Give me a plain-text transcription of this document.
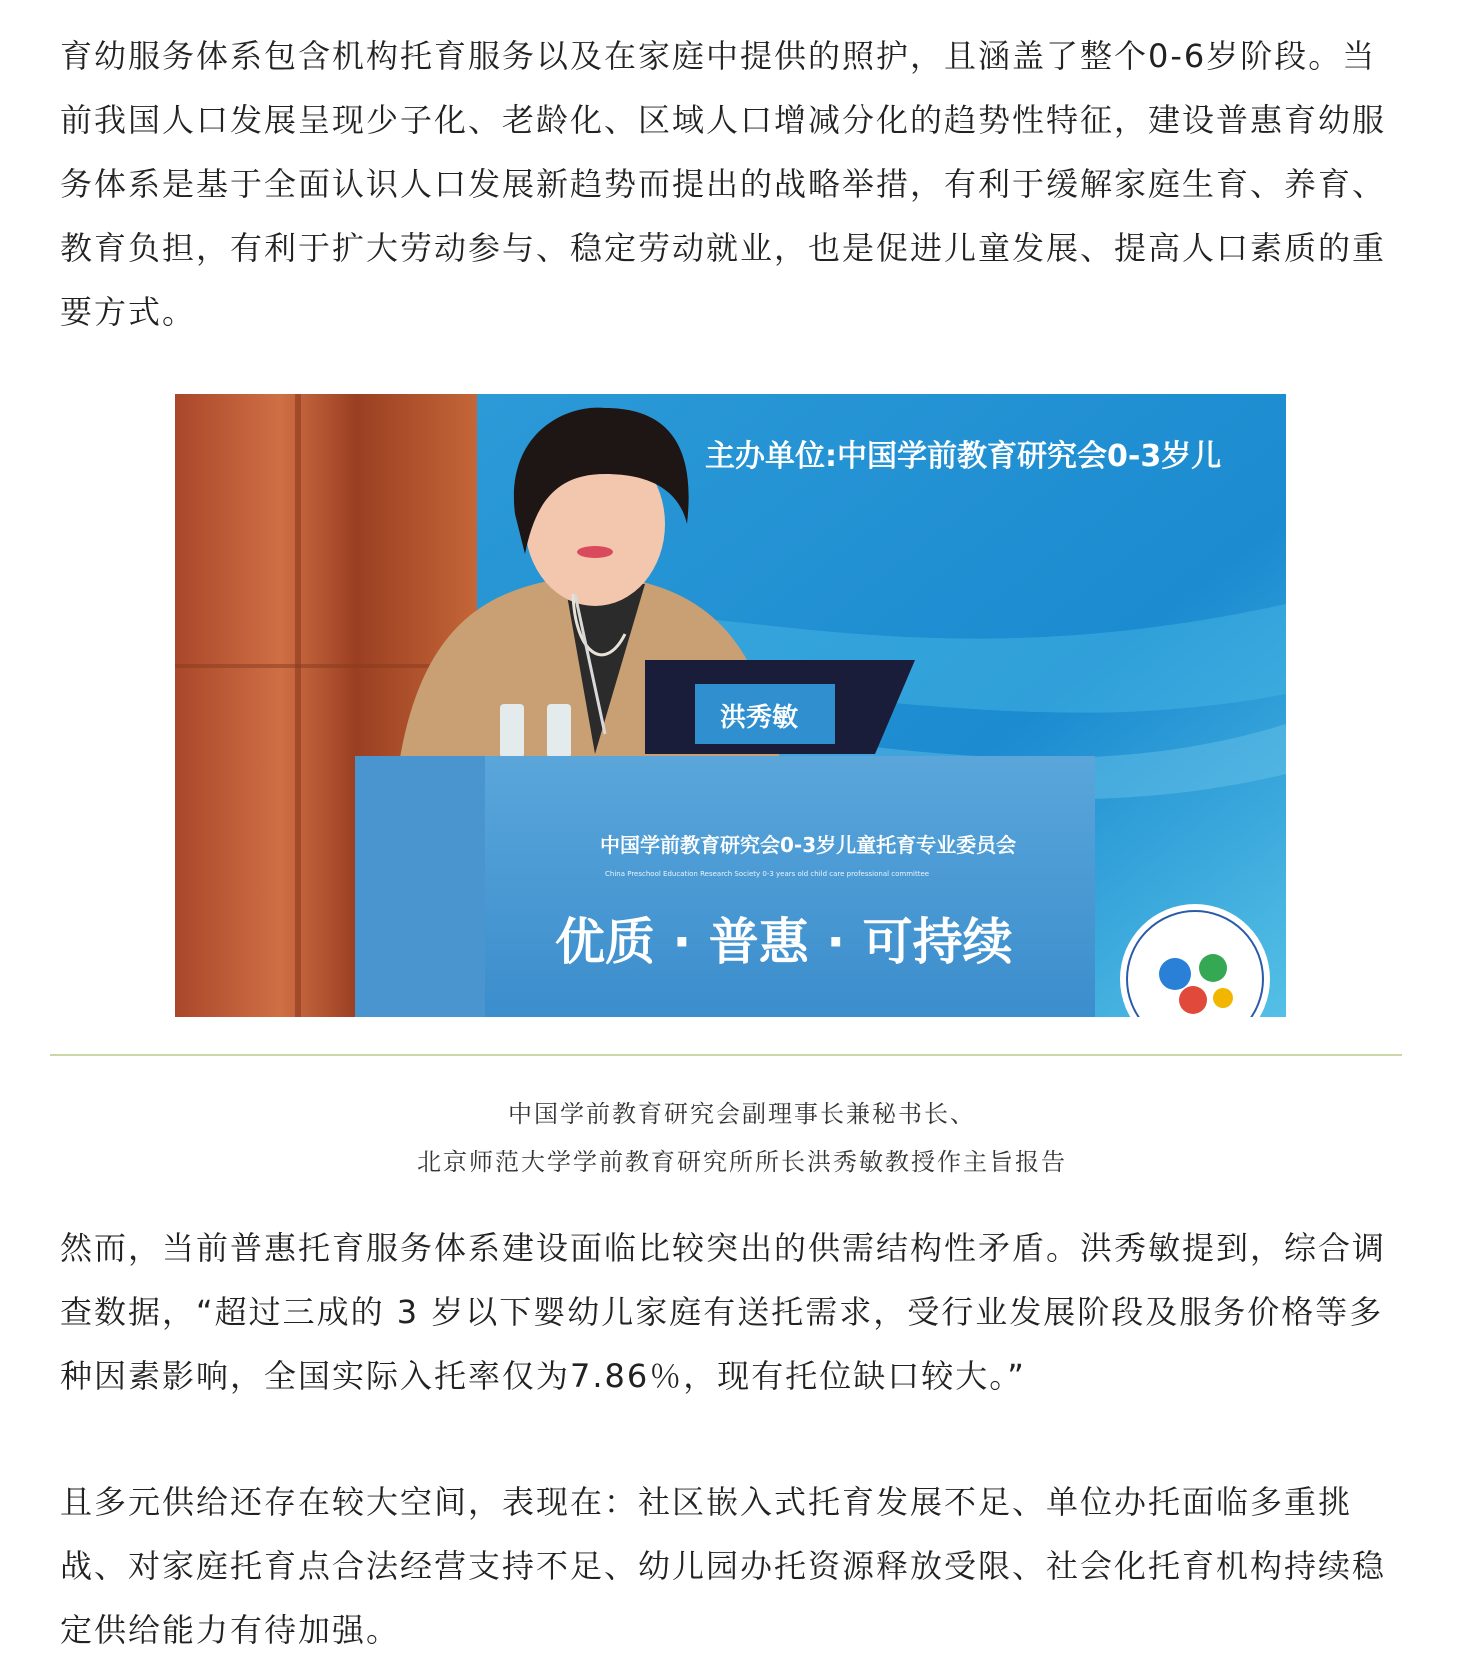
育幼服务体系包含机构托育服务以及在家庭中提供的照护，且涵盖了整个0-6岁阶段。当前我国人口发展呈现少子化、老龄化、区域人口增减分化的趋势性特征，建设普惠育幼服务体系是基于全面认识人口发展新趋势而提出的战略举措，有利于缓解家庭生育、养育、教育负担，有利于扩大劳动参与、稳定劳动就业，也是促进儿童发展、提高人口素质的重要方式。

主办单位:中国学前教育研究会0-3岁儿
洪秀敏
中国学前教育研究会0-3岁儿童托育专业委员会
China Preschool Education Research Society 0-3 years old child care professional committee
优质 · 普惠 · 可持续
中国学前教育研究会副理事长兼秘书长、
北京师范大学学前教育研究所所长洪秀敏教授作主旨报告

然而，当前普惠托育服务体系建设面临比较突出的供需结构性矛盾。洪秀敏提到，综合调查数据，“超过三成的 3 岁以下婴幼儿家庭有送托需求，受行业发展阶段及服务价格等多种因素影响，全国实际入托率仅为7.86％，现有托位缺口较大。”

且多元供给还存在较大空间，表现在：社区嵌入式托育发展不足、单位办托面临多重挑战、对家庭托育点合法经营支持不足、幼儿园办托资源释放受限、社会化托育机构持续稳定供给能力有待加强。
